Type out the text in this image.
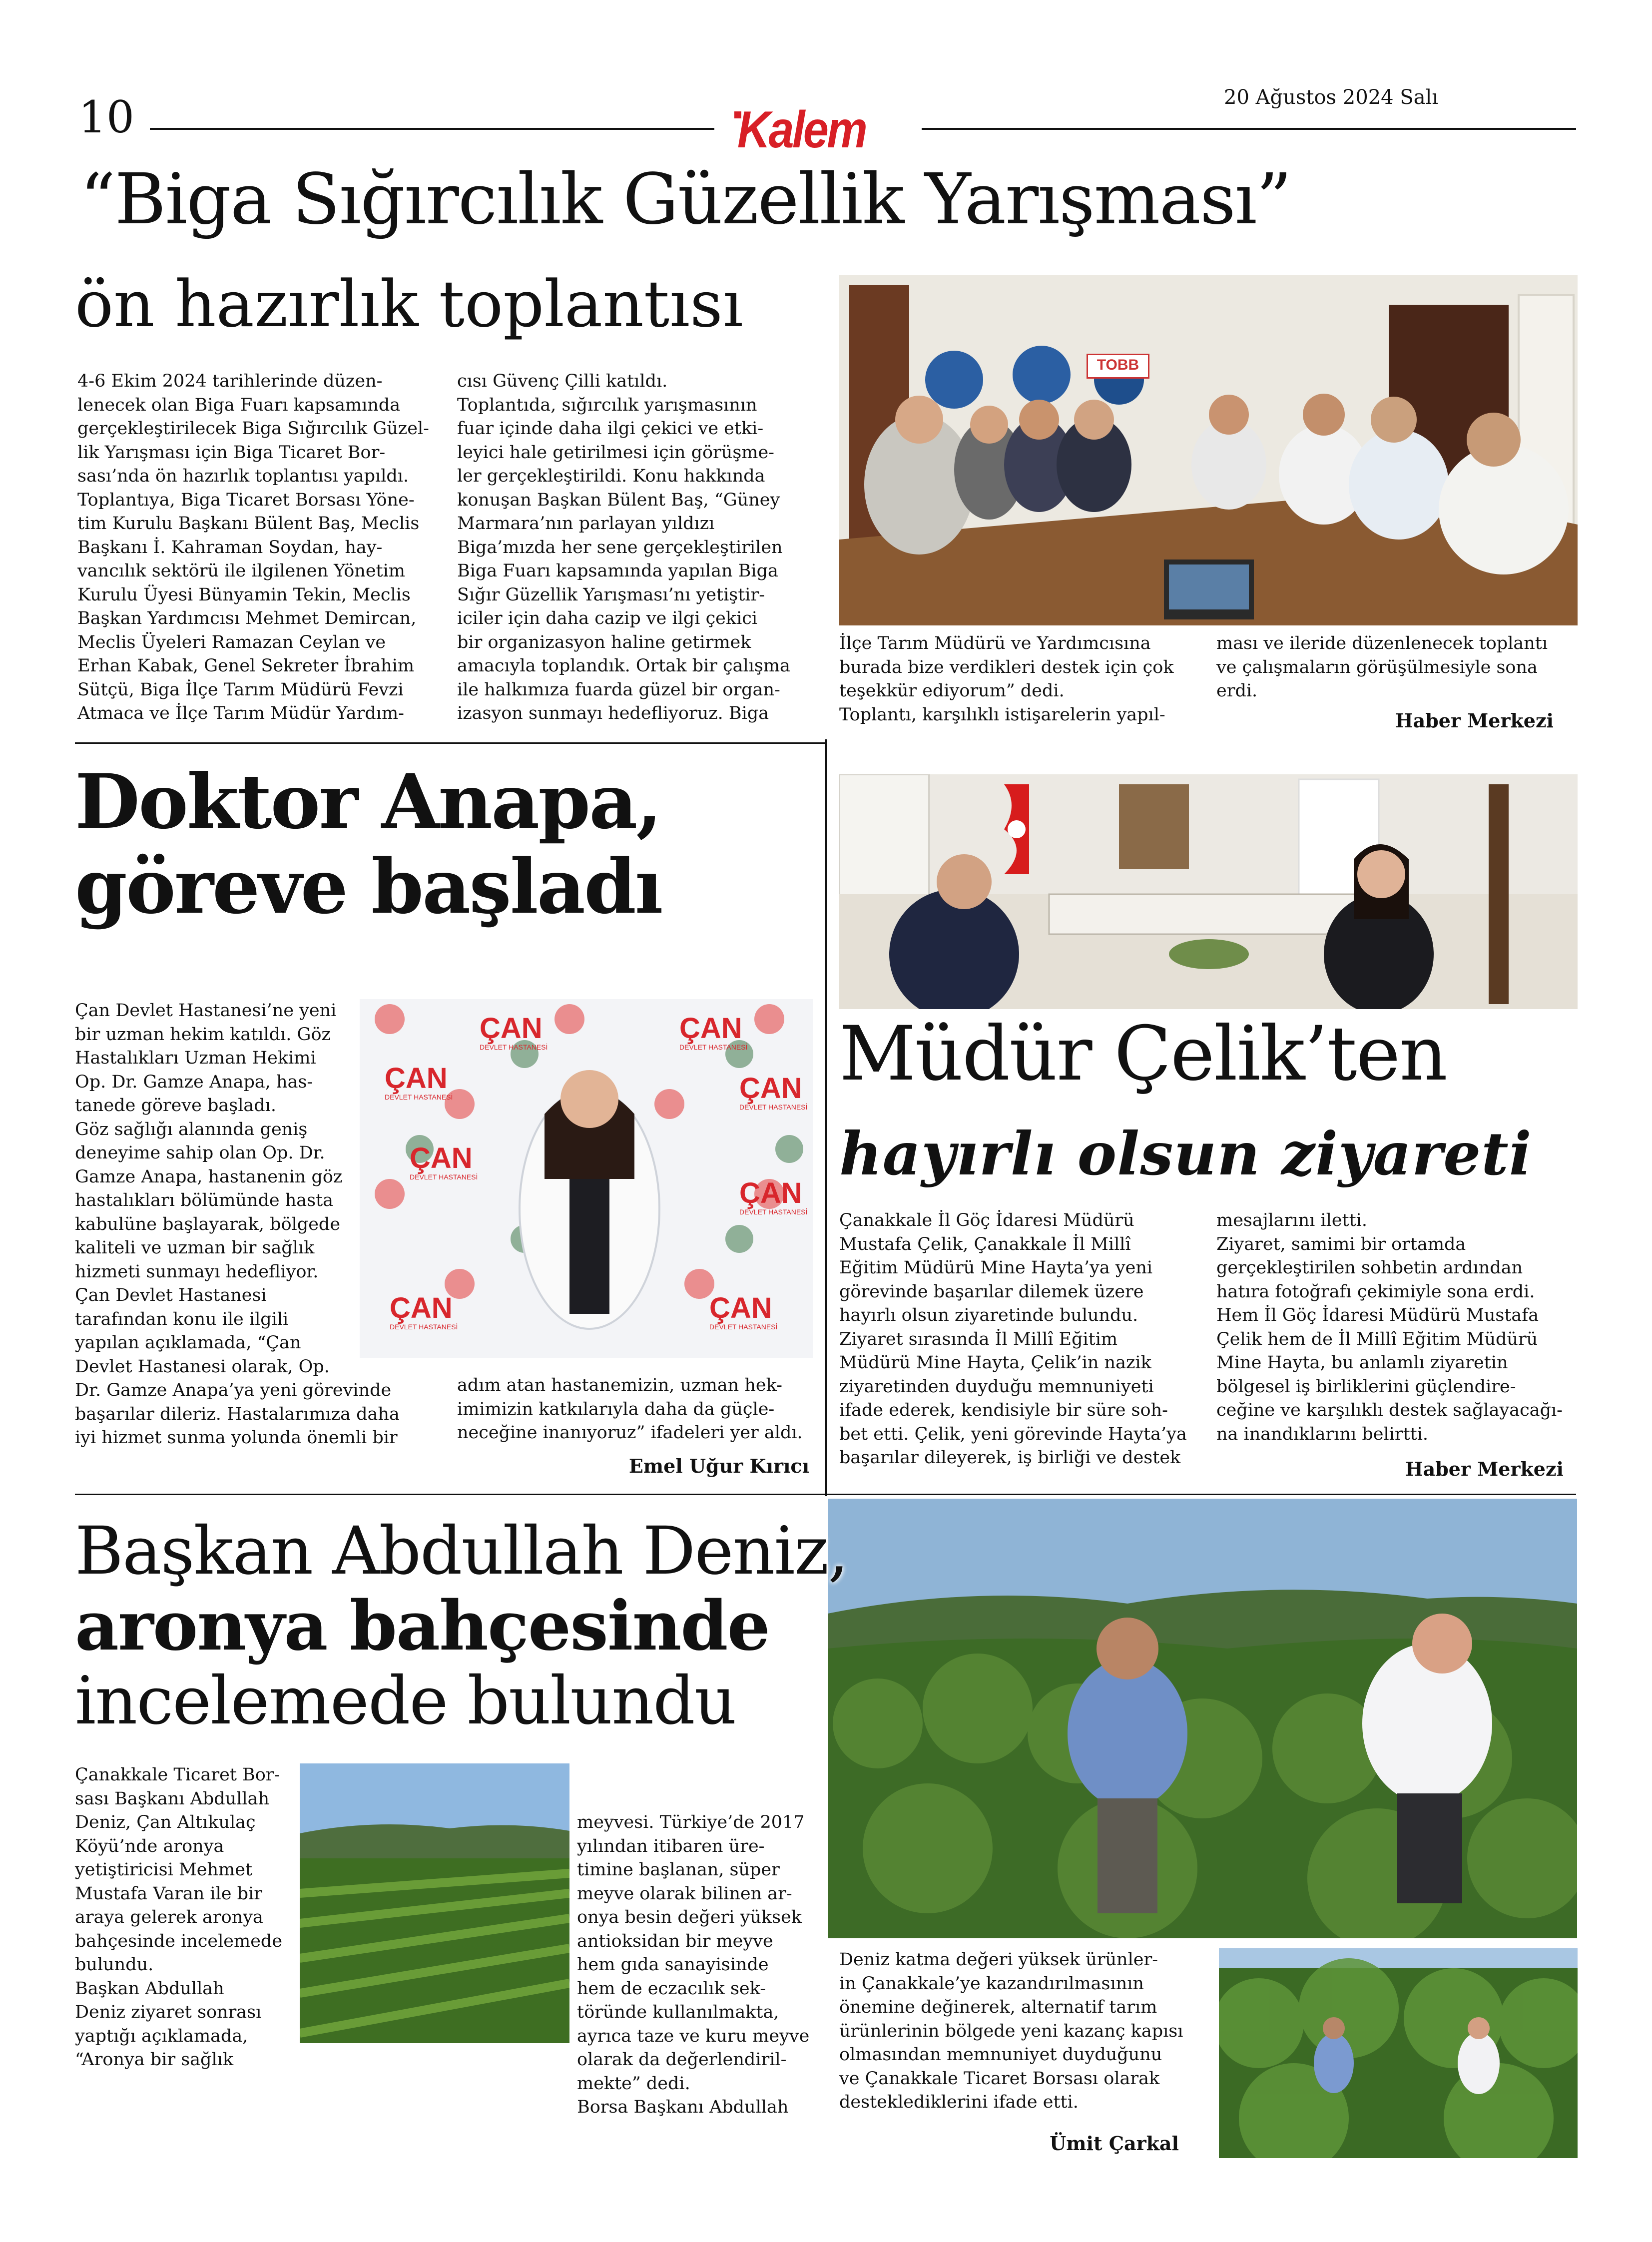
10	Kalem
20 Ağustos 2024 Salı
“Biga Sığırcılık Güzellik Yarışması”
ön hazırlık toplantısı
4-6 Ekim 2024 tarihlerinde düzen-
lenecek olan Biga Fuarı kapsamında
gerçekleştirilecek Biga Sığırcılık Güzel-
lik Yarışması için Biga Ticaret Bor-
sası’nda ön hazırlık toplantısı yapıldı.
Toplantıya, Biga Ticaret Borsası Yöne-
tim Kurulu Başkanı Bülent Baş, Meclis
Başkanı İ. Kahraman Soydan, hay-
vancılık sektörü ile ilgilenen Yönetim
Kurulu Üyesi Bünyamin Tekin, Meclis
Başkan Yardımcısı Mehmet Demircan,
Meclis Üyeleri Ramazan Ceylan ve
Erhan Kabak, Genel Sekreter İbrahim
Sütçü, Biga İlçe Tarım Müdürü Fevzi
Atmaca ve İlçe Tarım Müdür Yardım-
cısı Güvenç Çilli katıldı.
Toplantıda, sığırcılık yarışmasının
fuar içinde daha ilgi çekici ve etki-
leyici hale getirilmesi için görüşme-
ler gerçekleştirildi. Konu hakkında
konuşan Başkan Bülent Baş, “Güney
Marmara’nın parlayan yıldızı
Biga’mızda her sene gerçekleştirilen
Biga Fuarı kapsamında yapılan Biga
Sığır Güzellik Yarışması’nı yetiştir-
iciler için daha cazip ve ilgi çekici
bir organizasyon haline getirmek
amacıyla toplandık. Ortak bir çalışma
ile halkımıza fuarda güzel bir organ-
izasyon sunmayı hedefliyoruz. Biga
TOBB
İlçe Tarım Müdürü ve Yardımcısına
burada bize verdikleri destek için çok
teşekkür ediyorum” dedi.
Toplantı, karşılıklı istişarelerin yapıl-
ması ve ileride düzenlenecek toplantı
ve çalışmaların görüşülmesiyle sona
erdi.
Haber Merkezi
Doktor Anapa,
göreve başladı
Çan Devlet Hastanesi’ne yeni
bir uzman hekim katıldı. Göz
Hastalıkları Uzman Hekimi
Op. Dr. Gamze Anapa, has-
tanede göreve başladı.
Göz sağlığı alanında geniş
deneyime sahip olan Op. Dr.
Gamze Anapa, hastanenin göz
hastalıkları bölümünde hasta
kabulüne başlayarak, bölgede
kaliteli ve uzman bir sağlık
hizmeti sunmayı hedefliyor.
Çan Devlet Hastanesi
tarafından konu ile ilgili
yapılan açıklamada, “Çan
Devlet Hastanesi olarak, Op.
Dr. Gamze Anapa’ya yeni görevinde
başarılar dileriz. Hastalarımıza daha
iyi hizmet sunma yolunda önemli bir
ÇAN
DEVLET HASTANESİ
ÇAN
DEVLET HASTANESİ
ÇAN
DEVLET HASTANESİ	ÇAN
DEVLET HASTANESİ
ÇAN
DEVLET HASTANESİ	ÇAN
DEVLET HASTANESİ
ÇAN
DEVLET HASTANESİ
ÇAN
DEVLET HASTANESİ
adım atan hastanemizin, uzman hek-
imimizin katkılarıyla daha da güçle-
neceğine inanıyoruz” ifadeleri yer aldı.
Emel Uğur Kırıcı
Müdür Çelik’ten
hayırlı olsun ziyareti
Çanakkale İl Göç İdaresi Müdürü
Mustafa Çelik, Çanakkale İl Millî
Eğitim Müdürü Mine Hayta’ya yeni
görevinde başarılar dilemek üzere
hayırlı olsun ziyaretinde bulundu.
Ziyaret sırasında İl Millî Eğitim
Müdürü Mine Hayta, Çelik’in nazik
ziyaretinden duyduğu memnuniyeti
ifade ederek, kendisiyle bir süre soh-
bet etti. Çelik, yeni görevinde Hayta’ya
başarılar dileyerek, iş birliği ve destek
mesajlarını iletti.
Ziyaret, samimi bir ortamda
gerçekleştirilen sohbetin ardından
hatıra fotoğrafı çekimiyle sona erdi.
Hem İl Göç İdaresi Müdürü Mustafa
Çelik hem de İl Millî Eğitim Müdürü
Mine Hayta, bu anlamlı ziyaretin
bölgesel iş birliklerini güçlendire-
ceğine ve karşılıklı destek sağlayacağı-
na inandıklarını belirtti.
Haber Merkezi
Başkan Abdullah Deniz,
aronya bahçesinde
incelemede bulundu
Çanakkale Ticaret Bor-
sası Başkanı Abdullah
Deniz, Çan Altıkulaç
Köyü’nde aronya
yetiştiricisi Mehmet
Mustafa Varan ile bir
araya gelerek aronya
bahçesinde incelemede
bulundu.
Başkan Abdullah
Deniz ziyaret sonrası
yaptığı açıklamada,
“Aronya bir sağlık
meyvesi. Türkiye’de 2017
yılından itibaren üre-
timine başlanan, süper
meyve olarak bilinen ar-
onya besin değeri yüksek
antioksidan bir meyve
hem gıda sanayisinde
hem de eczacılık sek-
töründe kullanılmakta,
ayrıca taze ve kuru meyve
olarak da değerlendiril-
mekte” dedi.
Borsa Başkanı Abdullah
Deniz katma değeri yüksek ürünler-
in Çanakkale’ye kazandırılmasının
önemine değinerek, alternatif tarım
ürünlerinin bölgede yeni kazanç kapısı
olmasından memnuniyet duyduğunu
ve Çanakkale Ticaret Borsası olarak
desteklediklerini ifade etti.
Ümit Çarkal
